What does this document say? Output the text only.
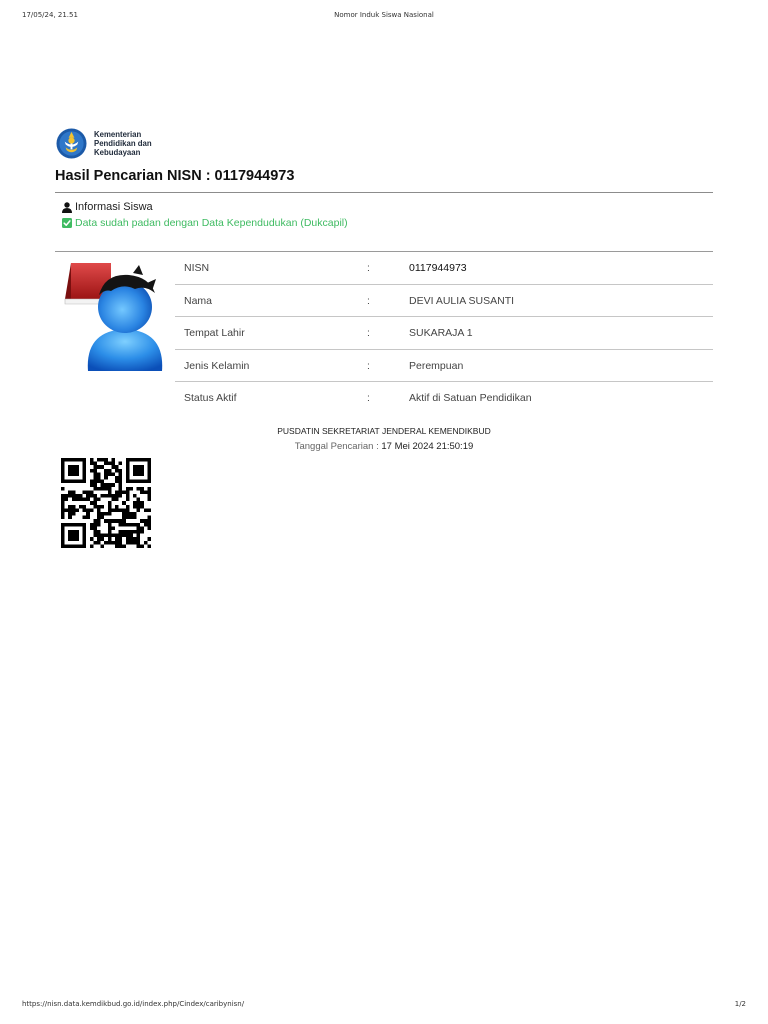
17/05/24, 21.51	Nomor Induk Siswa Nasional
Kementerian
Pendidikan dan
Kebudayaan
Hasil Pencarian NISN : 0117944973
Informasi Siswa
Data sudah padan dengan Data Kependudukan (Dukcapil)
NISN	:	0117944973
Nama	:	DEVI AULIA SUSANTI
Tempat Lahir	:	SUKARAJA 1
Jenis Kelamin	:	Perempuan
Status Aktif	:	Aktif di Satuan Pendidikan
PUSDATIN SEKRETARIAT JENDERAL KEMENDIKBUD
Tanggal Pencarian : 17 Mei 2024 21:50:19
https://nisn.data.kemdikbud.go.id/index.php/Cindex/caribynisn/	1/2
